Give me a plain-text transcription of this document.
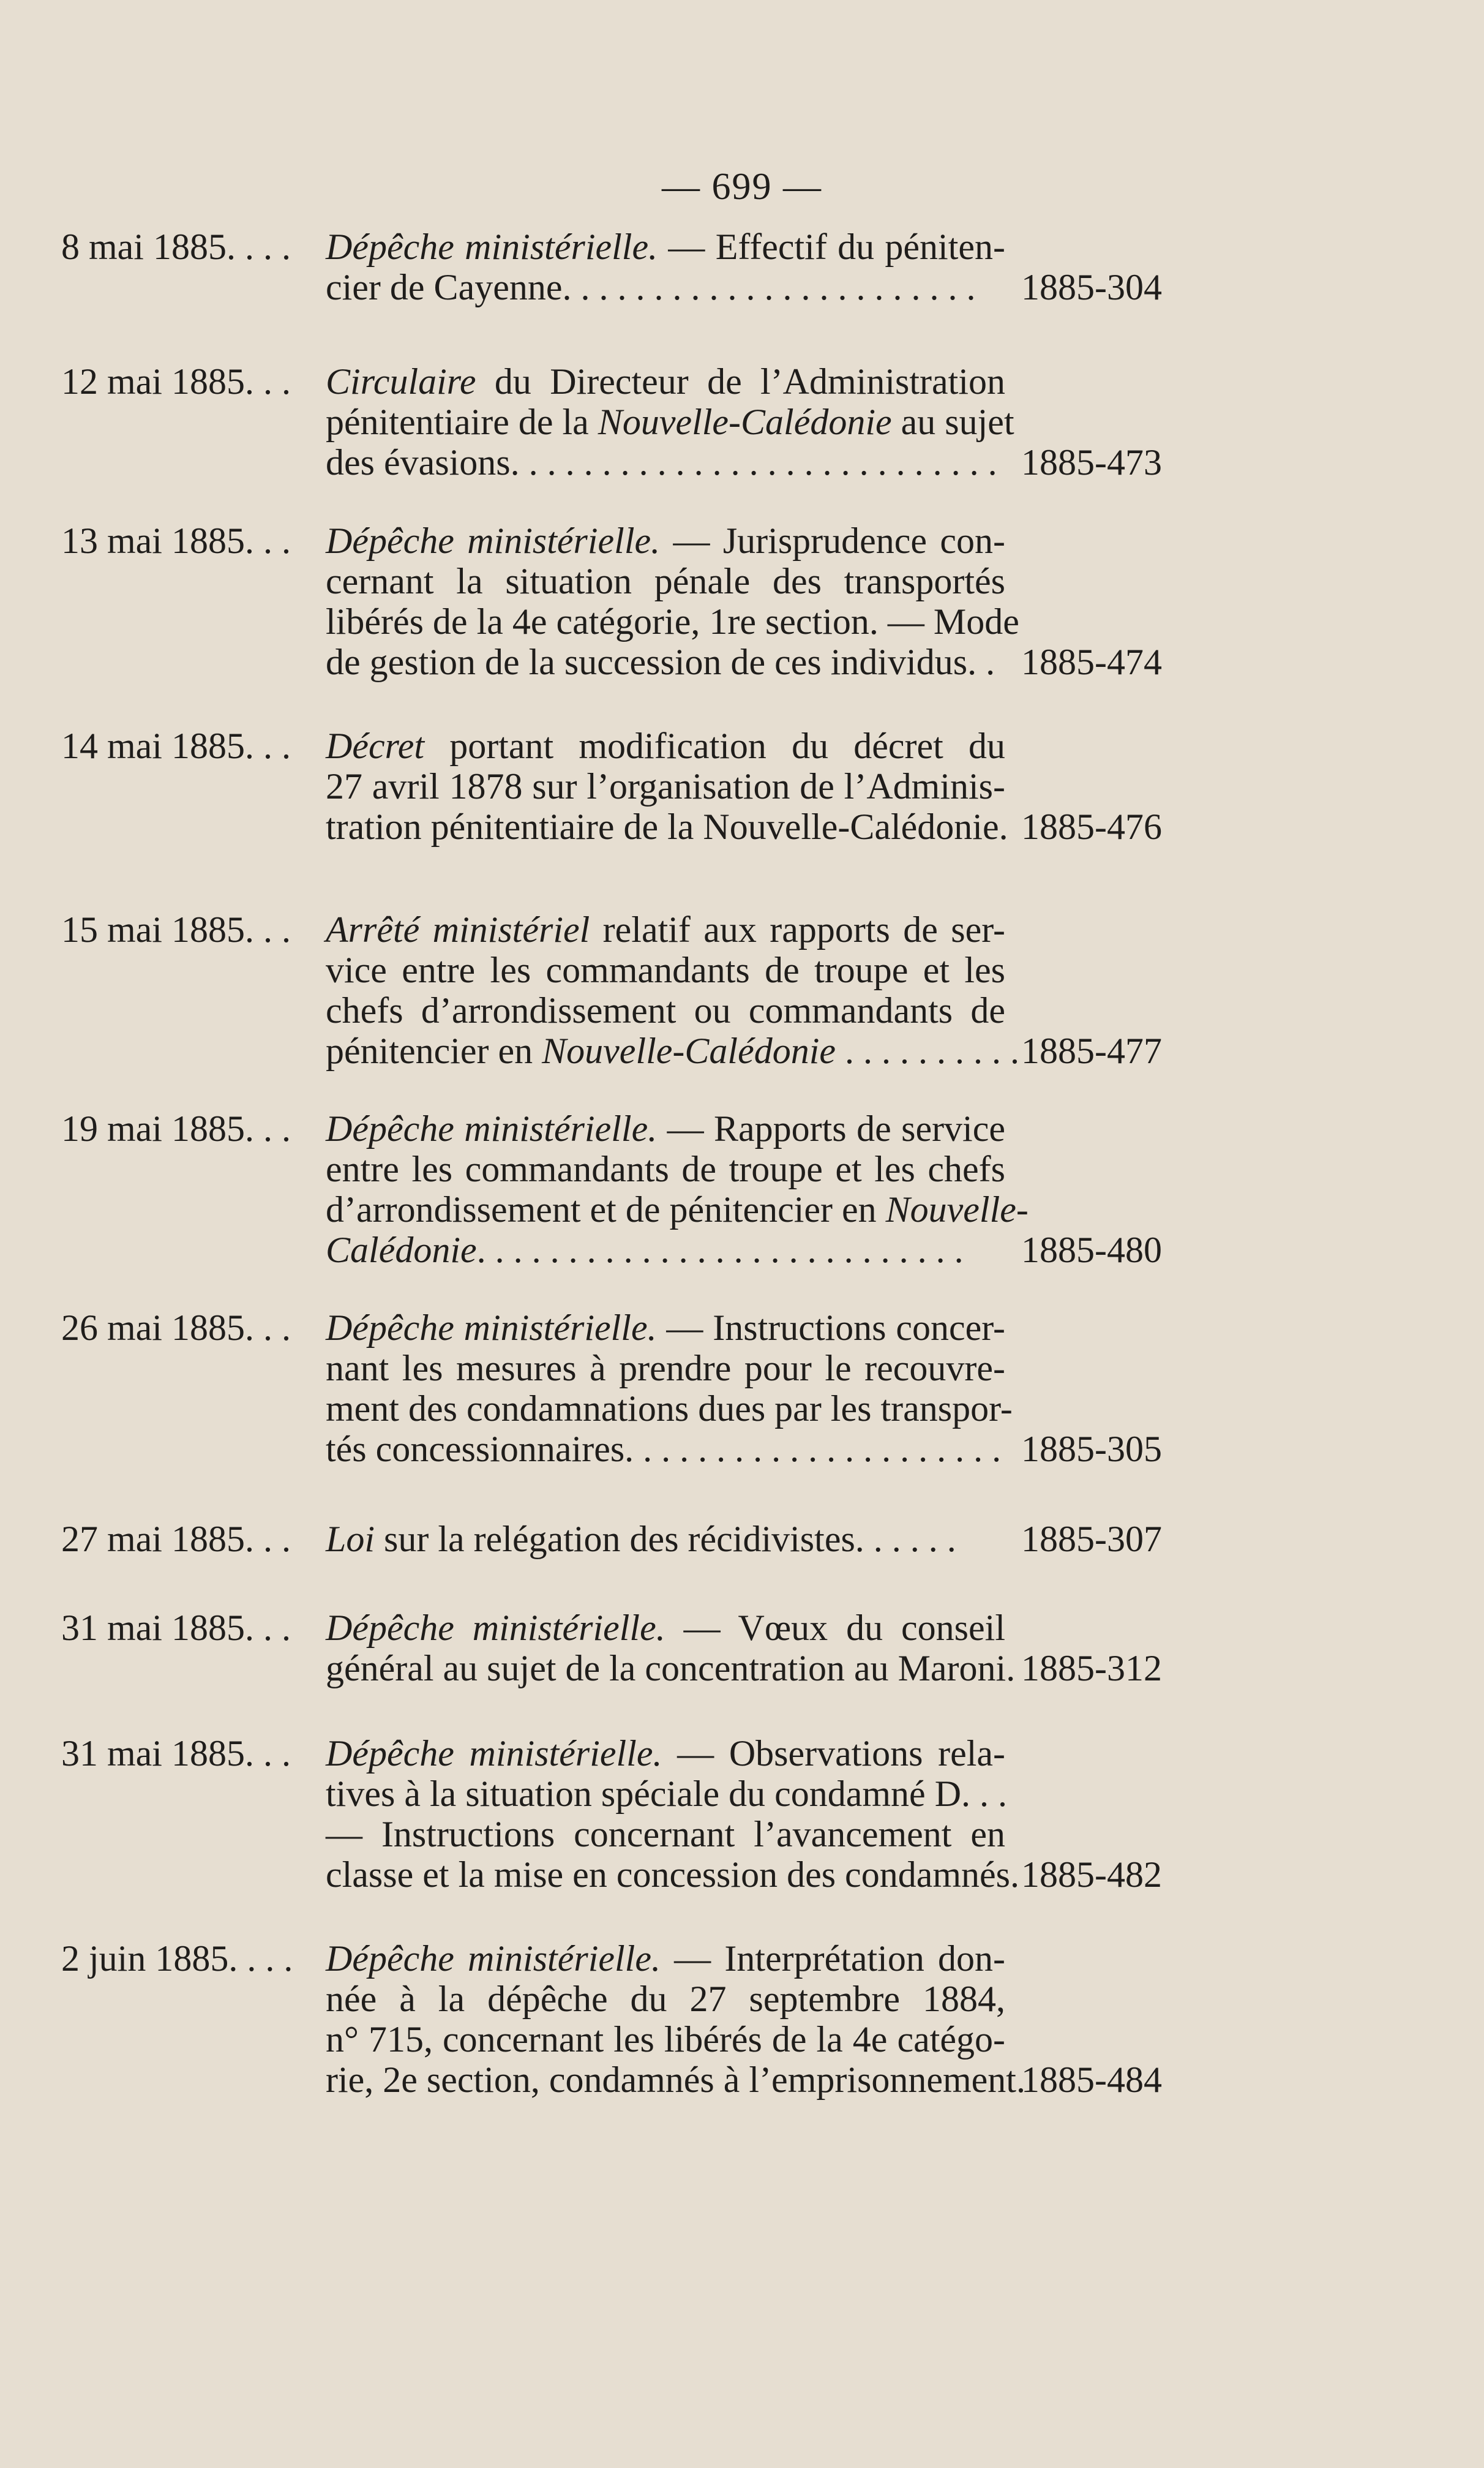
— 699 —
8 mai 1885. . . . Dépêche ministérielle. — Effectif du péniten-
cier de Cayenne. . . . . . . . . . . . . . . . . . . . . . .	1885-304
12 mai 1885. . . Circulaire du Directeur de l’Administration
pénitentiaire de la Nouvelle-Calédonie au sujet
des évasions. . . . . . . . . . . . . . . . . . . . . . . . . . . 1885-473
13 mai 1885. . . Dépêche ministérielle. — Jurisprudence con-
cernant la situation pénale des transportés
libérés de la 4e catégorie, 1re section. — Mode
de gestion de la succession de ces individus. . 1885-474
14 mai 1885. . . Décret portant modification du décret du
27 avril 1878 sur l’organisation de l’Adminis-
tration pénitentiaire de la Nouvelle-Calédonie. 1885-476
15 mai 1885. . . Arrêté ministériel relatif aux rapports de ser-
vice entre les commandants de troupe et les
chefs d’arrondissement ou commandants de
pénitencier en Nouvelle-Calédonie . . . . . . . . . . 1885-477
19 mai 1885. . . Dépêche ministérielle. — Rapports de service
entre les commandants de troupe et les chefs
d’arrondissement et de pénitencier en Nouvelle-
Calédonie. . . . . . . . . . . . . . . . . . . . . . . . . . .	1885-480
26 mai 1885. . . Dépêche ministérielle. — Instructions concer-
nant les mesures à prendre pour le recouvre-
ment des condamnations dues par les transpor-
tés concessionnaires. . . . . . . . . . . . . . . . . . . . . 1885-305
27 mai 1885. . . Loi sur la relégation des récidivistes. . . . . .	1885-307
31 mai 1885. . . Dépêche ministérielle. — Vœux du conseil
général au sujet de la concentration au Maroni. 1885-312
31 mai 1885. . . Dépêche ministérielle. — Observations rela-
tives à la situation spéciale du condamné D. . .
— Instructions concernant l’avancement en
classe et la mise en concession des condamnés. 1885-482
2 juin 1885. . . . Dépêche ministérielle. — Interprétation don-
née à la dépêche du 27 septembre 1884,
n° 715, concernant les libérés de la 4e catégo-
rie, 2e section, condamnés à l’emprisonnement.
1885-484
